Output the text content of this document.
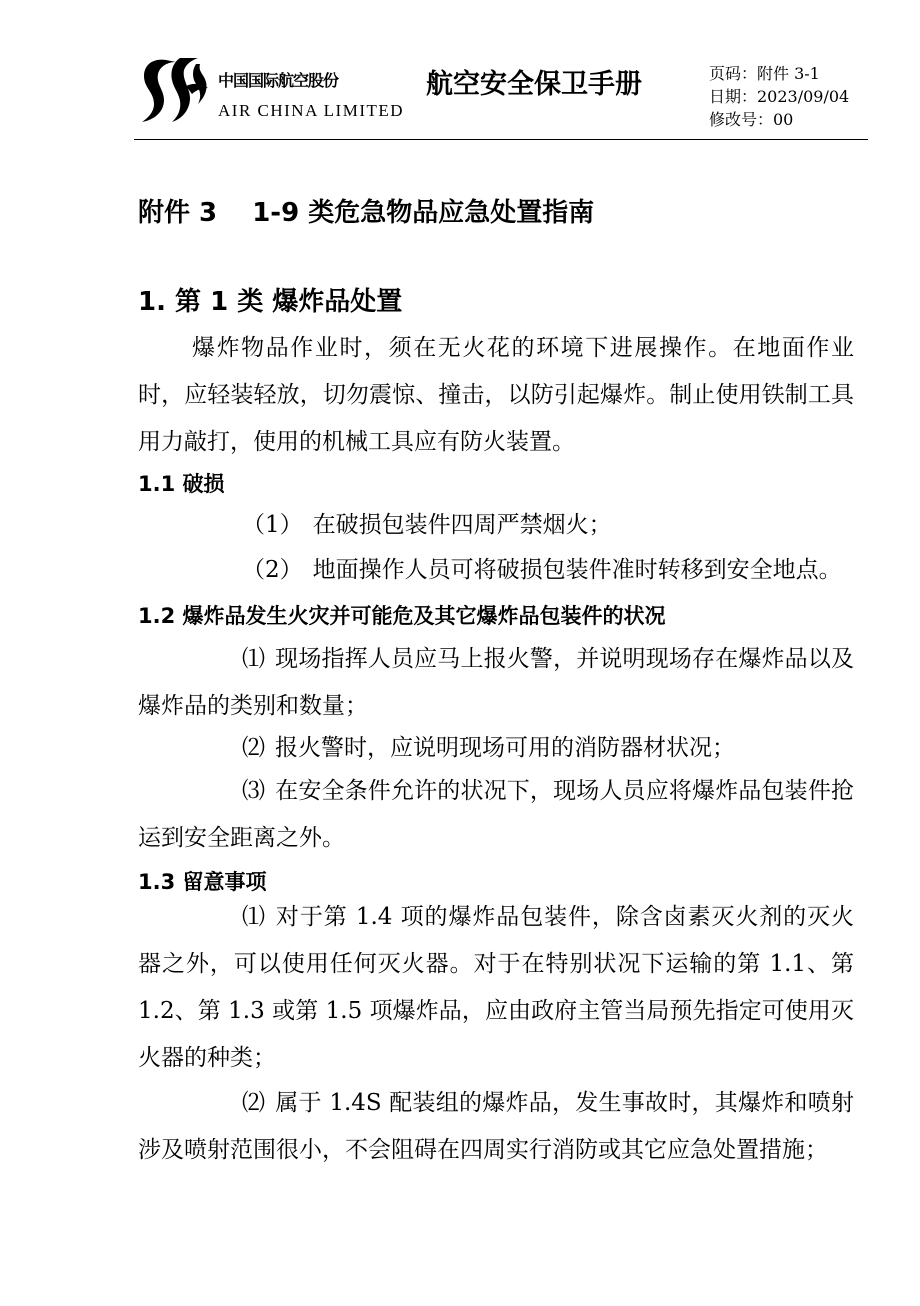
中国国际航空股份
AIR CHINA LIMITED
航空安全保卫手册	页码：附件 3-1
日期：2023/09/04
修改号：00
附件 3　 1-9 类危急物品应急处置指南
1. 第 1 类 爆炸品处置
爆炸物品作业时，须在无火花的环境下进展操作。在地面作业时，应轻装轻放，切勿震惊、撞击，以防引起爆炸。制止使用铁制工具用力敲打，使用的机械工具应有防火装置。
1.1 破损
（1） 在破损包装件四周严禁烟火；
（2） 地面操作人员可将破损包装件准时转移到安全地点。
1.2 爆炸品发生火灾并可能危及其它爆炸品包装件的状况
⑴ 现场指挥人员应马上报火警，并说明现场存在爆炸品以及爆炸品的类别和数量；
⑵ 报火警时，应说明现场可用的消防器材状况；
⑶ 在安全条件允许的状况下，现场人员应将爆炸品包装件抢运到安全距离之外。
1.3 留意事项
⑴ 对于第 1.4 项的爆炸品包装件，除含卤素灭火剂的灭火器之外，可以使用任何灭火器。对于在特别状况下运输的第 1.1、第 1.2、第 1.3 或第 1.5 项爆炸品，应由政府主管当局预先指定可使用灭火器的种类；
⑵ 属于 1.4S 配装组的爆炸品，发生事故时，其爆炸和喷射涉及喷射范围很小，不会阻碍在四周实行消防或其它应急处置措施；
